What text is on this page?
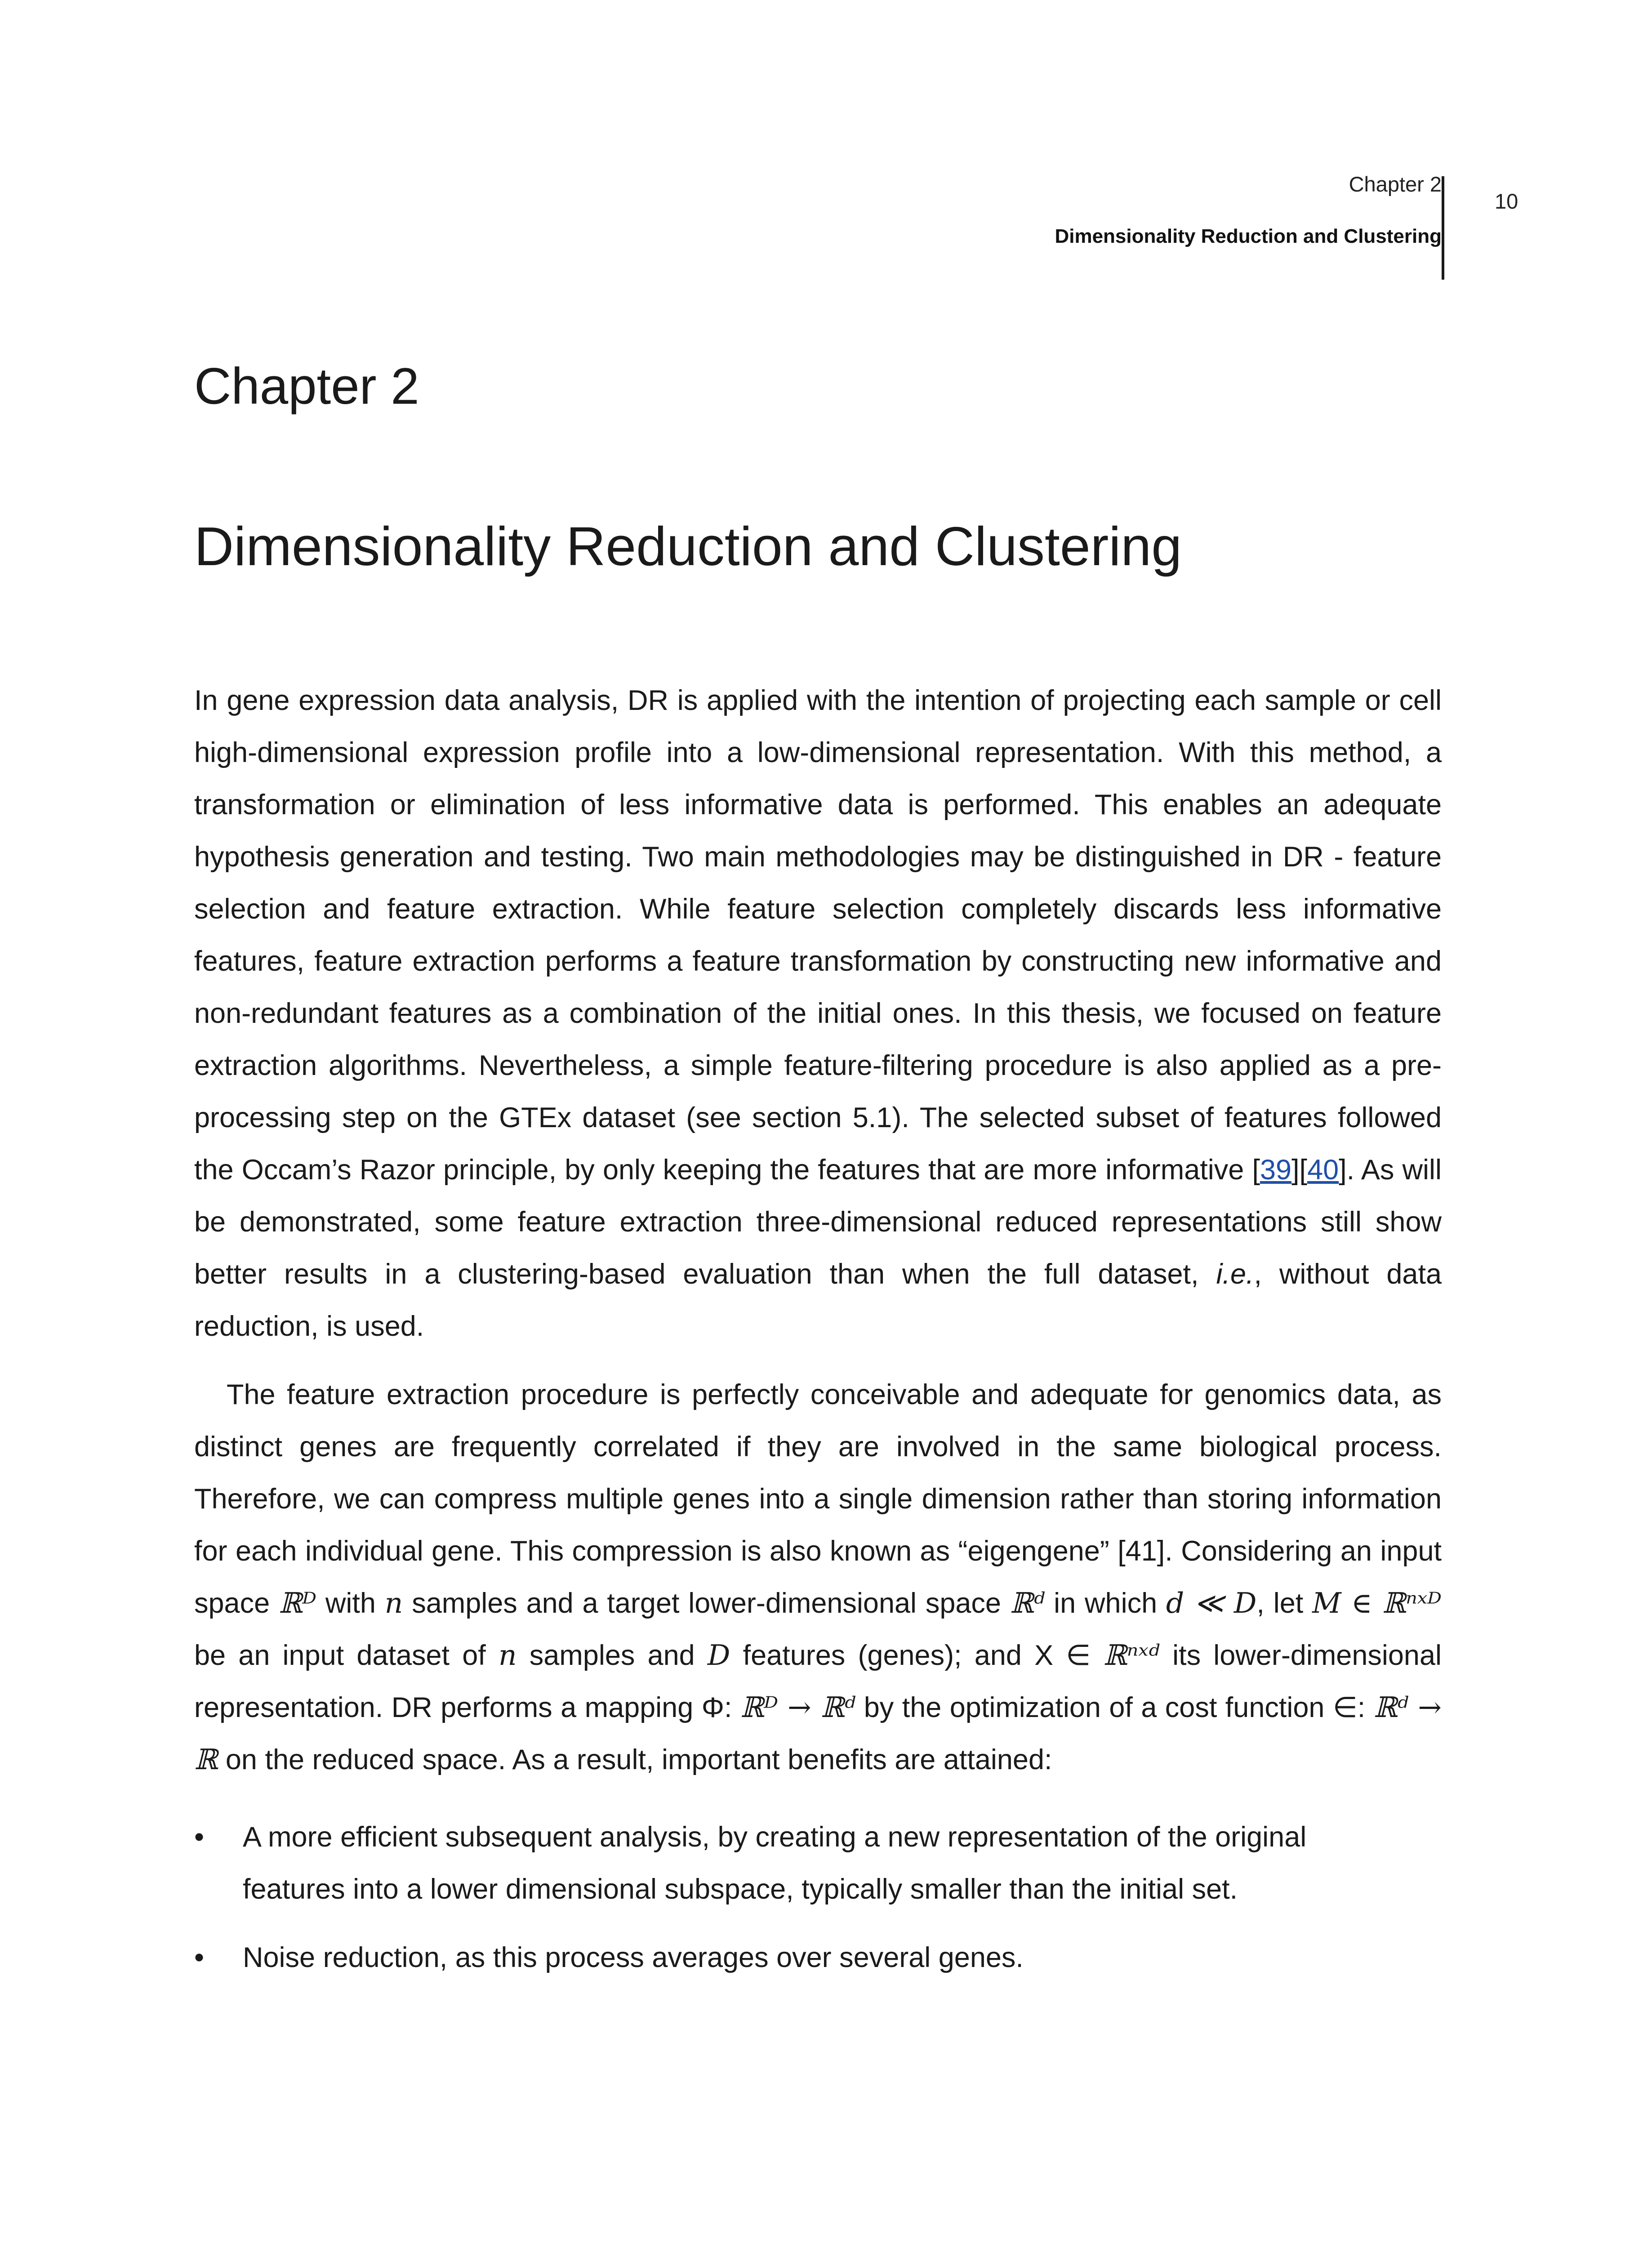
Chapter 2
Dimensionality Reduction and Clustering
10
Chapter 2
Dimensionality Reduction and Clustering

In gene expression data analysis, DR is applied with the intention of projecting each sample or cell high-dimensional expression profile into a low-dimensional representation. With this method, a transformation or elimination of less informative data is performed. This enables an adequate hypothesis generation and testing. Two main methodologies may be distinguished in DR - feature selection and feature extraction. While feature selection completely discards less informative features, feature extraction performs a feature transformation by constructing new informative and non-redundant features as a combination of the initial ones. In this thesis, we focused on feature extraction algorithms. Nevertheless, a simple feature-filtering procedure is also applied as a pre-processing step on the GTEx dataset (see section 5.1). The selected subset of features followed the Occam’s Razor principle, by only keeping the features that are more informative [39][40]. As will be demonstrated, some feature extraction three-dimensional reduced representations still show better results in a clustering-based evaluation than when the full dataset, i.e., without data reduction, is used.

The feature extraction procedure is perfectly conceivable and adequate for genomics data, as distinct genes are frequently correlated if they are involved in the same biological process. Therefore, we can compress multiple genes into a single dimension rather than storing information for each individual gene. This compression is also known as “eigengene” [41]. Considering an input space ℝᴰ with n samples and a target lower-dimensional space ℝᵈ in which d ≪ D, let M ∈ ℝⁿˣᴰ be an input dataset of n samples and D features (genes); and X ∈ ℝⁿˣᵈ its lower-dimensional representation. DR performs a mapping Φ: ℝᴰ → ℝᵈ by the optimization of a cost function ∈: ℝᵈ → ℝ on the reduced space. As a result, important benefits are attained:

• A more efficient subsequent analysis, by creating a new representation of the original features into a lower dimensional subspace, typically smaller than the initial set.
• Noise reduction, as this process averages over several genes.
